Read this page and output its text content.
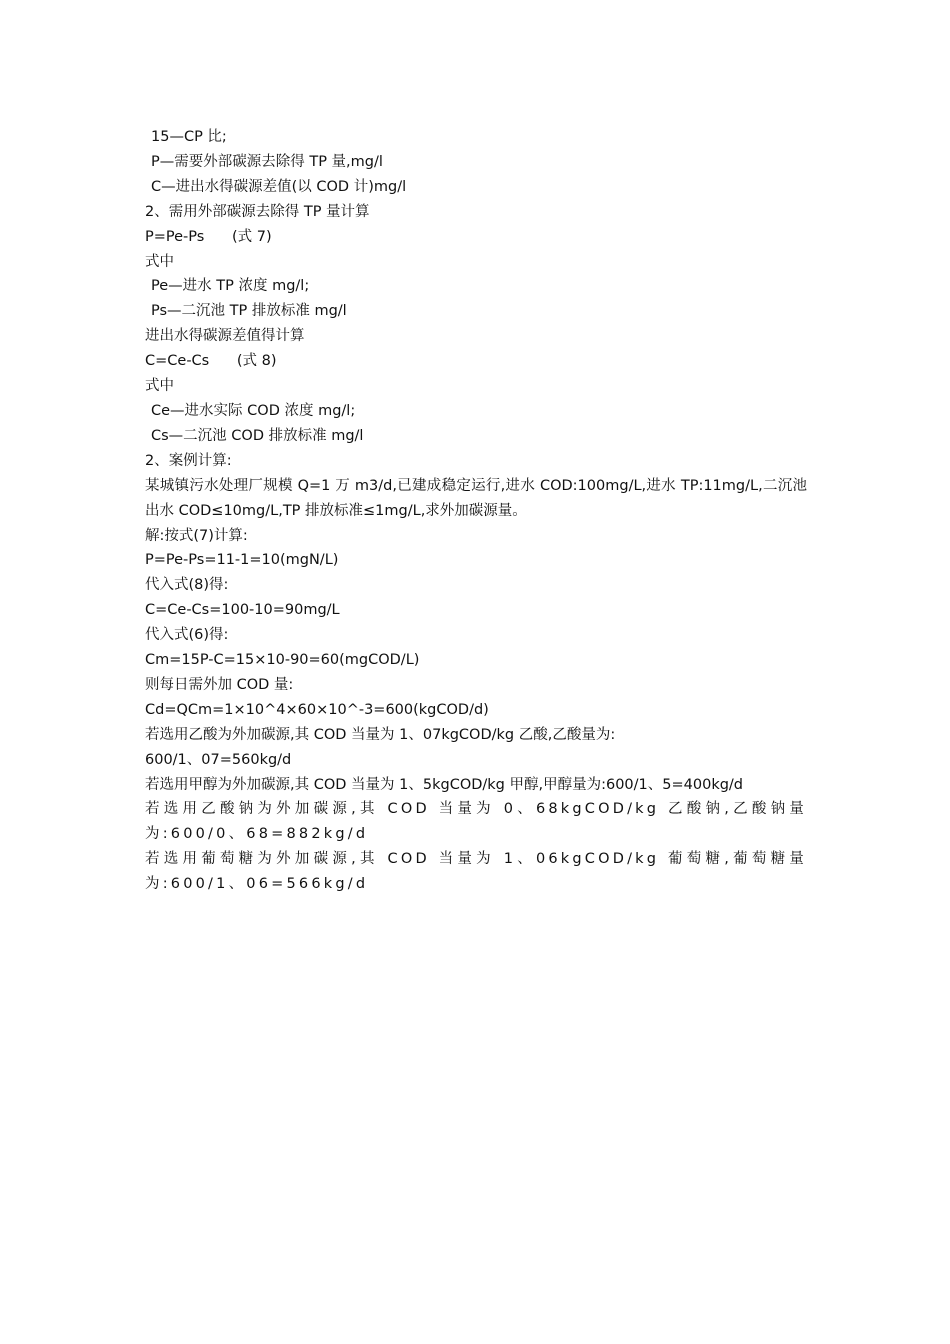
15—CP 比;

P—需要外部碳源去除得 TP 量,mg/l

C—进出水得碳源差值(以 COD 计)mg/l

2、需用外部碳源去除得 TP 量计算

P=Pe-Ps      (式 7)

式中

Pe—进水 TP 浓度 mg/l;

Ps—二沉池 TP 排放标准 mg/l

进出水得碳源差值得计算

C=Ce-Cs      (式 8)

式中

Ce—进水实际 COD 浓度 mg/l;

Cs—二沉池 COD 排放标准 mg/l

2、案例计算:

某城镇污水处理厂规模 Q=1 万 m3/d,已建成稳定运行,进水 COD:100mg/L,进水 TP:11mg/L,二沉池出水 COD≤10mg/L,TP 排放标准≤1mg/L,求外加碳源量。

解:按式(7)计算:

P=Pe-Ps=11-1=10(mgN/L)

代入式(8)得:

C=Ce-Cs=100-10=90mg/L

代入式(6)得:

Cm=15P-C=15×10-90=60(mgCOD/L)

则每日需外加 COD 量:

Cd=QCm=1×10^4×60×10^-3=600(kgCOD/d)

若选用乙酸为外加碳源,其 COD 当量为 1、07kgCOD/kg 乙酸,乙酸量为:

600/1、07=560kg/d

若选用甲醇为外加碳源,其 COD 当量为 1、5kgCOD/kg 甲醇,甲醇量为:600/1、5=400kg/d

若选用乙酸钠为外加碳源,其 COD 当量为 0、68kgCOD/kg 乙酸钠,乙酸钠量为:600/0、68=882kg/d

若选用葡萄糖为外加碳源,其 COD 当量为 1、06kgCOD/kg 葡萄糖,葡萄糖量为:600/1、06=566kg/d
